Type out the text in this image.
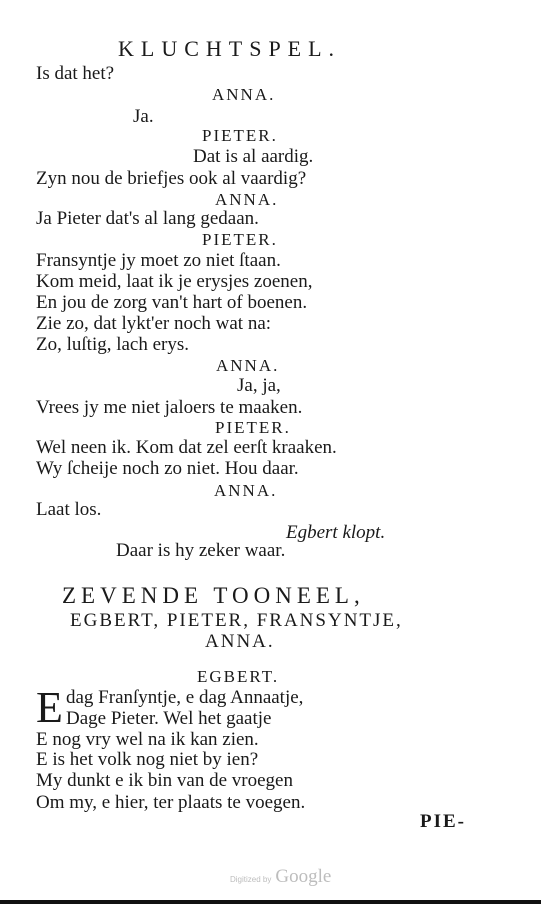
KLUCHTSPEL.
Is dat het?
ANNA.
Ja.
PIETER.
Dat is al aardig.
Zyn nou de briefjes ook al vaardig?
ANNA.
Ja Pieter dat's al lang gedaan.
PIETER.
Fransyntje jy moet zo niet ſtaan.
Kom meid, laat ik je erysjes zoenen,
En jou de zorg van't hart of boenen.
Zie zo, dat lykt'er noch wat na:
Zo, luſtig, lach erys.
ANNA.
Ja, ja,
Vrees jy me niet jaloers te maaken.
PIETER.
Wel neen ik. Kom dat zel eerſt kraaken.
Wy ſcheije noch zo niet. Hou daar.
ANNA.
Laat los.
Egbert klopt.
Daar is hy zeker waar.
ZEVENDE TOONEEL,
EGBERT, PIETER, FRANSYNTJE,
ANNA.
EGBERT.
E dag Franſyntje, e dag Annaatje,
Dage Pieter. Wel het gaatje
E nog vry wel na ik kan zien.
E is het volk nog niet by ien?
My dunkt e ik bin van de vroegen
Om my, e hier, ter plaats te voegen.
PIE-
Digitized by Google
